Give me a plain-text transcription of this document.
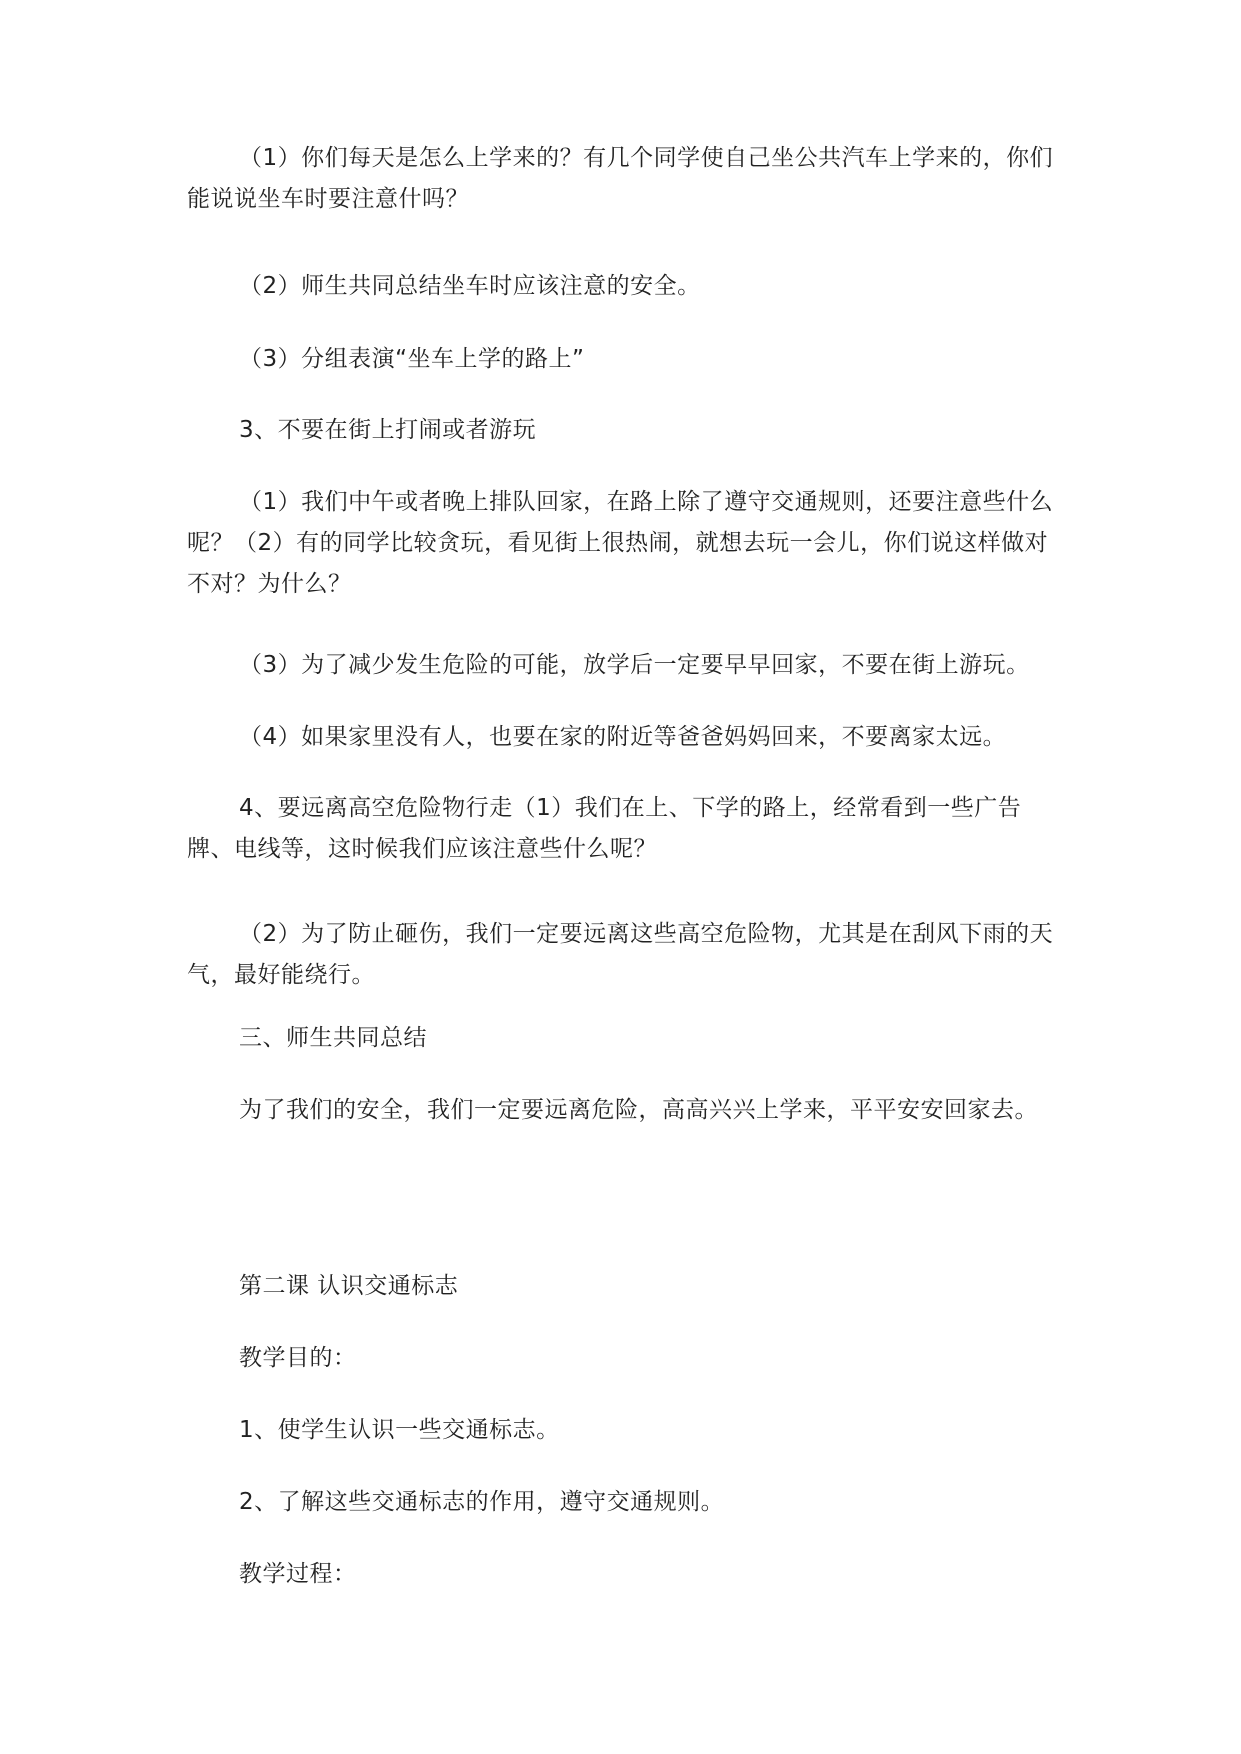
（1）你们每天是怎么上学来的？有几个同学使自己坐公共汽车上学来的，你们能说说坐车时要注意什吗？

（2）师生共同总结坐车时应该注意的安全。

（3）分组表演“坐车上学的路上”

3、不要在街上打闹或者游玩

（1）我们中午或者晚上排队回家，在路上除了遵守交通规则，还要注意些什么呢？（2）有的同学比较贪玩，看见街上很热闹，就想去玩一会儿，你们说这样做对不对？为什么？

（3）为了减少发生危险的可能，放学后一定要早早回家，不要在街上游玩。

（4）如果家里没有人，也要在家的附近等爸爸妈妈回来，不要离家太远。

4、要远离高空危险物行走（1）我们在上、下学的路上，经常看到一些广告牌、电线等，这时候我们应该注意些什么呢？

（2）为了防止砸伤，我们一定要远离这些高空危险物，尤其是在刮风下雨的天气，最好能绕行。

三、师生共同总结

为了我们的安全，我们一定要远离危险，高高兴兴上学来，平平安安回家去。

第二课 认识交通标志

教学目的：

1、使学生认识一些交通标志。

2、了解这些交通标志的作用，遵守交通规则。

教学过程：
